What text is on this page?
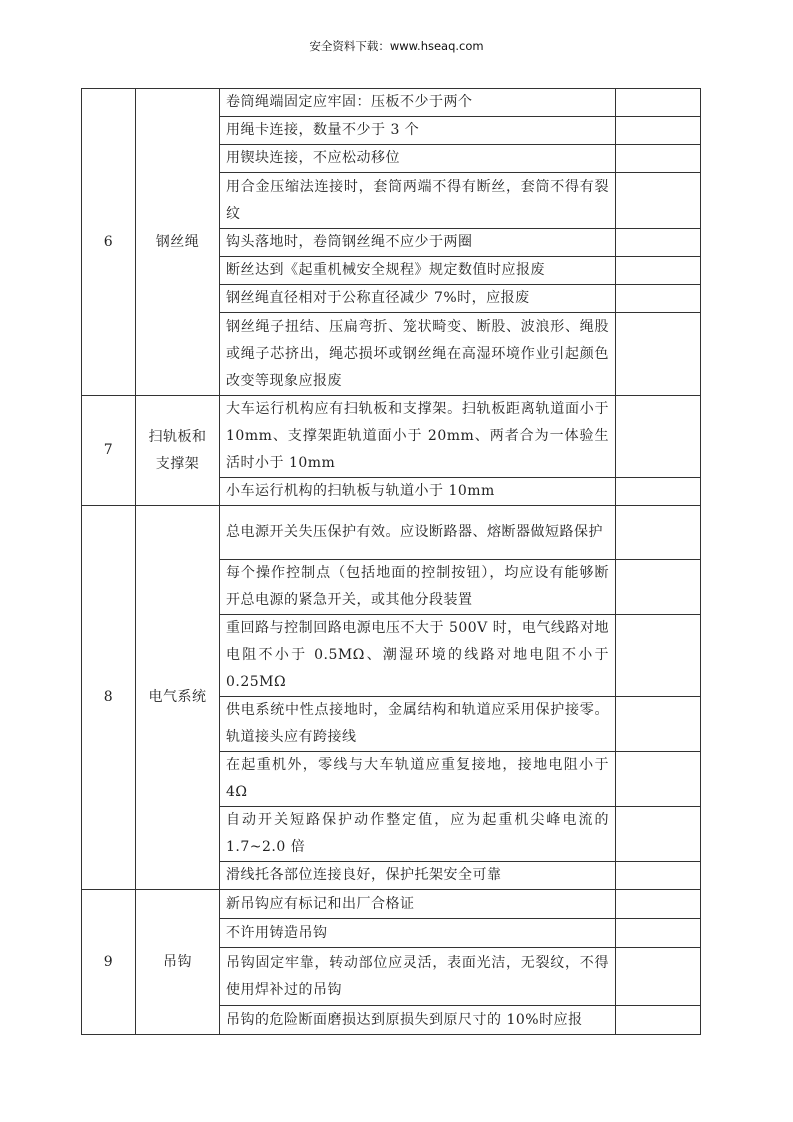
安全资料下载：www.hseaq.com
6	钢丝绳	卷筒绳端固定应牢固：压板不少于两个	
		用绳卡连接，数量不少于 3 个	
		用锲块连接，不应松动移位	
		用合金压缩法连接时，套筒两端不得有断丝，套筒不得有裂纹	
		钩头落地时，卷筒钢丝绳不应少于两圈	
		断丝达到《起重机械安全规程》规定数值时应报废	
		钢丝绳直径相对于公称直径减少 7%时，应报废	
		钢丝绳子扭结、压扁弯折、笼状畸变、断股、波浪形、绳股或绳子芯挤出，绳芯损坏或钢丝绳在高湿环境作业引起颜色改变等现象应报废	
7	扫轨板和支撑架	大车运行机构应有扫轨板和支撑架。扫轨板距离轨道面小于 10mm、支撑架距轨道面小于 20mm、两者合为一体验生活时小于 10mm	
		小车运行机构的扫轨板与轨道小于 10mm	
8	电气系统	总电源开关失压保护有效。应设断路器、熔断器做短路保护	
		每个操作控制点（包括地面的控制按钮），均应设有能够断开总电源的紧急开关，或其他分段装置	
		重回路与控制回路电源电压不大于 500V 时，电气线路对地电阻不小于 0.5MΩ、潮湿环境的线路对地电阻不小于 0.25MΩ	
		供电系统中性点接地时，金属结构和轨道应采用保护接零。轨道接头应有跨接线	
		在起重机外，零线与大车轨道应重复接地，接地电阻小于 4Ω	
		自动开关短路保护动作整定值，应为起重机尖峰电流的 1.7~2.0 倍	
		滑线托各部位连接良好，保护托架安全可靠	
9	吊钩	新吊钩应有标记和出厂合格证	
		不许用铸造吊钩	
		吊钩固定牢靠，转动部位应灵活，表面光洁，无裂纹，不得使用焊补过的吊钩	
		吊钩的危险断面磨损达到原损失到原尺寸的 10%时应报	
